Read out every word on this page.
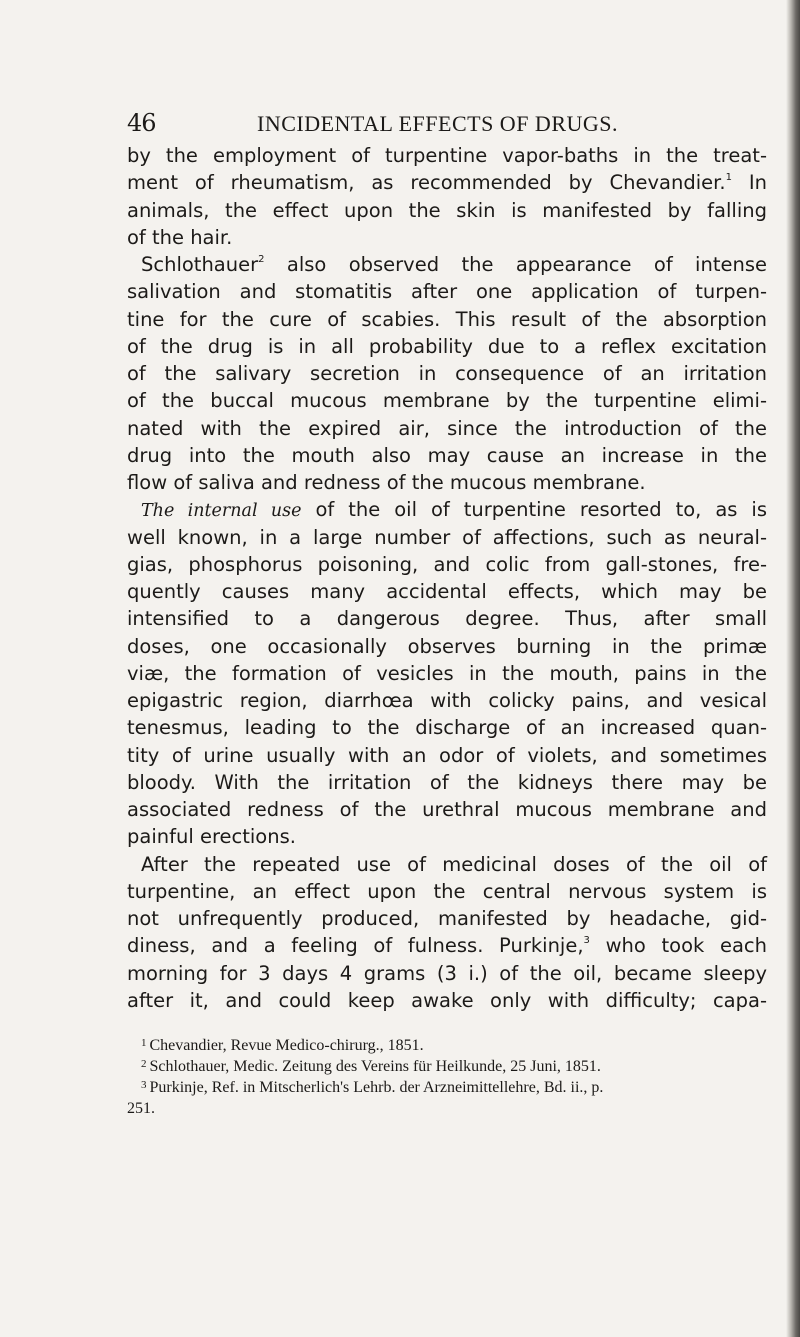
46	INCIDENTAL EFFECTS OF DRUGS.
by the employment of turpentine vapor-baths in the treat-
ment of rheumatism, as recommended by Chevandier.$^1$ In
animals, the effect upon the skin is manifested by falling
of the hair.
Schlothauer$^2$ also observed the appearance of intense
salivation and stomatitis after one application of turpen-
tine for the cure of scabies. This result of the absorption
of the drug is in all probability due to a reflex excitation
of the salivary secretion in consequence of an irritation
of the buccal mucous membrane by the turpentine elimi-
nated with the expired air, since the introduction of the
drug into the mouth also may cause an increase in the
flow of saliva and redness of the mucous membrane.
The internal use of the oil of turpentine resorted to, as is
well known, in a large number of affections, such as neural-
gias, phosphorus poisoning, and colic from gall-stones, fre-
quently causes many accidental effects, which may be
intensified to a dangerous degree. Thus, after small
doses, one occasionally observes burning in the primæ
viæ, the formation of vesicles in the mouth, pains in the
epigastric region, diarrhœa with colicky pains, and vesical
tenesmus, leading to the discharge of an increased quan-
tity of urine usually with an odor of violets, and sometimes
bloody. With the irritation of the kidneys there may be
associated redness of the urethral mucous membrane and
painful erections.
After the repeated use of medicinal doses of the oil of
turpentine, an effect upon the central nervous system is
not unfrequently produced, manifested by headache, gid-
diness, and a feeling of fulness. Purkinje,$^3$ who took each
morning for 3 days 4 grams (3 i.) of the oil, became sleepy
after it, and could keep awake only with difficulty; capa-
$^1$ Chevandier, Revue Medico-chirurg., 1851.
$^2$ Schlothauer, Medic. Zeitung des Vereins für Heilkunde, 25 Juni, 1851.
$^3$ Purkinje, Ref. in Mitscherlich's Lehrb. der Arzneimittellehre, Bd. ii., p.
251.
